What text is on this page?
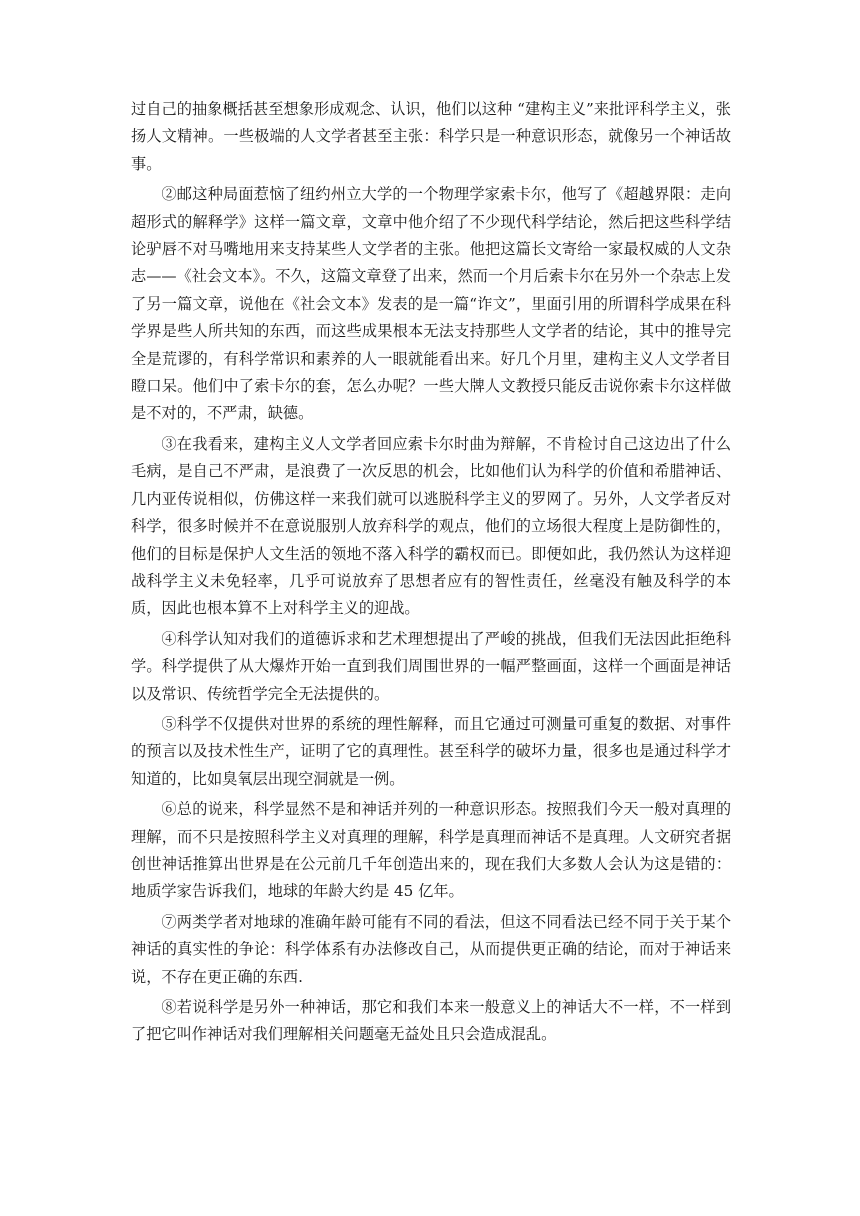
过自己的抽象概括甚至想象形成观念、认识，他们以这种 “建构主义”来批评科学主义，张扬人文精神。一些极端的人文学者甚至主张：科学只是一种意识形态，就像另一个神话故事。

②邮这种局面惹恼了纽约州立大学的一个物理学家索卡尔，他写了《超越界限：走向超形式的解释学》这样一篇文章，文章中他介绍了不少现代科学结论，然后把这些科学结论驴唇不对马嘴地用来支持某些人文学者的主张。他把这篇长文寄给一家最权威的人文杂志——《社会文本》。不久，这篇文章登了出来，然而一个月后索卡尔在另外一个杂志上发了另一篇文章，说他在《社会文本》发表的是一篇“诈文”，里面引用的所谓科学成果在科学界是些人所共知的东西，而这些成果根本无法支持那些人文学者的结论，其中的推导完全是荒谬的，有科学常识和素养的人一眼就能看出来。好几个月里，建构主义人文学者目瞪口呆。他们中了索卡尔的套，怎么办呢？一些大牌人文教授只能反击说你索卡尔这样做是不对的，不严肃，缺德。

③在我看来，建构主义人文学者回应索卡尔时曲为辩解，不肯检讨自己这边出了什么毛病，是自己不严肃，是浪费了一次反思的机会，比如他们认为科学的价值和希腊神话、几内亚传说相似，仿佛这样一来我们就可以逃脱科学主义的罗网了。另外，人文学者反对科学，很多时候并不在意说服别人放弃科学的观点，他们的立场很大程度上是防御性的，他们的目标是保护人文生活的领地不落入科学的霸权而已。即便如此，我仍然认为这样迎战科学主义未免轻率，几乎可说放弃了思想者应有的智性责任，丝毫没有触及科学的本质，因此也根本算不上对科学主义的迎战。

④科学认知对我们的道德诉求和艺术理想提出了严峻的挑战，但我们无法因此拒绝科学。科学提供了从大爆炸开始一直到我们周围世界的一幅严整画面，这样一个画面是神话以及常识、传统哲学完全无法提供的。

⑤科学不仅提供对世界的系统的理性解释，而且它通过可测量可重复的数据、对事件的预言以及技术性生产，证明了它的真理性。甚至科学的破坏力量，很多也是通过科学才知道的，比如臭氧层出现空洞就是一例。

⑥总的说来，科学显然不是和神话并列的一种意识形态。按照我们今天一般对真理的理解，而不只是按照科学主义对真理的理解，科学是真理而神话不是真理。人文研究者据创世神话推算出世界是在公元前几千年创造出来的，现在我们大多数人会认为这是错的：地质学家告诉我们，地球的年龄大约是 45 亿年。

⑦两类学者对地球的准确年龄可能有不同的看法，但这不同看法已经不同于关于某个神话的真实性的争论：科学体系有办法修改自己，从而提供更正确的结论，而对于神话来说，不存在更正确的东西.

⑧若说科学是另外一种神话，那它和我们本来一般意义上的神话大不一样，不一样到了把它叫作神话对我们理解相关问题毫无益处且只会造成混乱。
